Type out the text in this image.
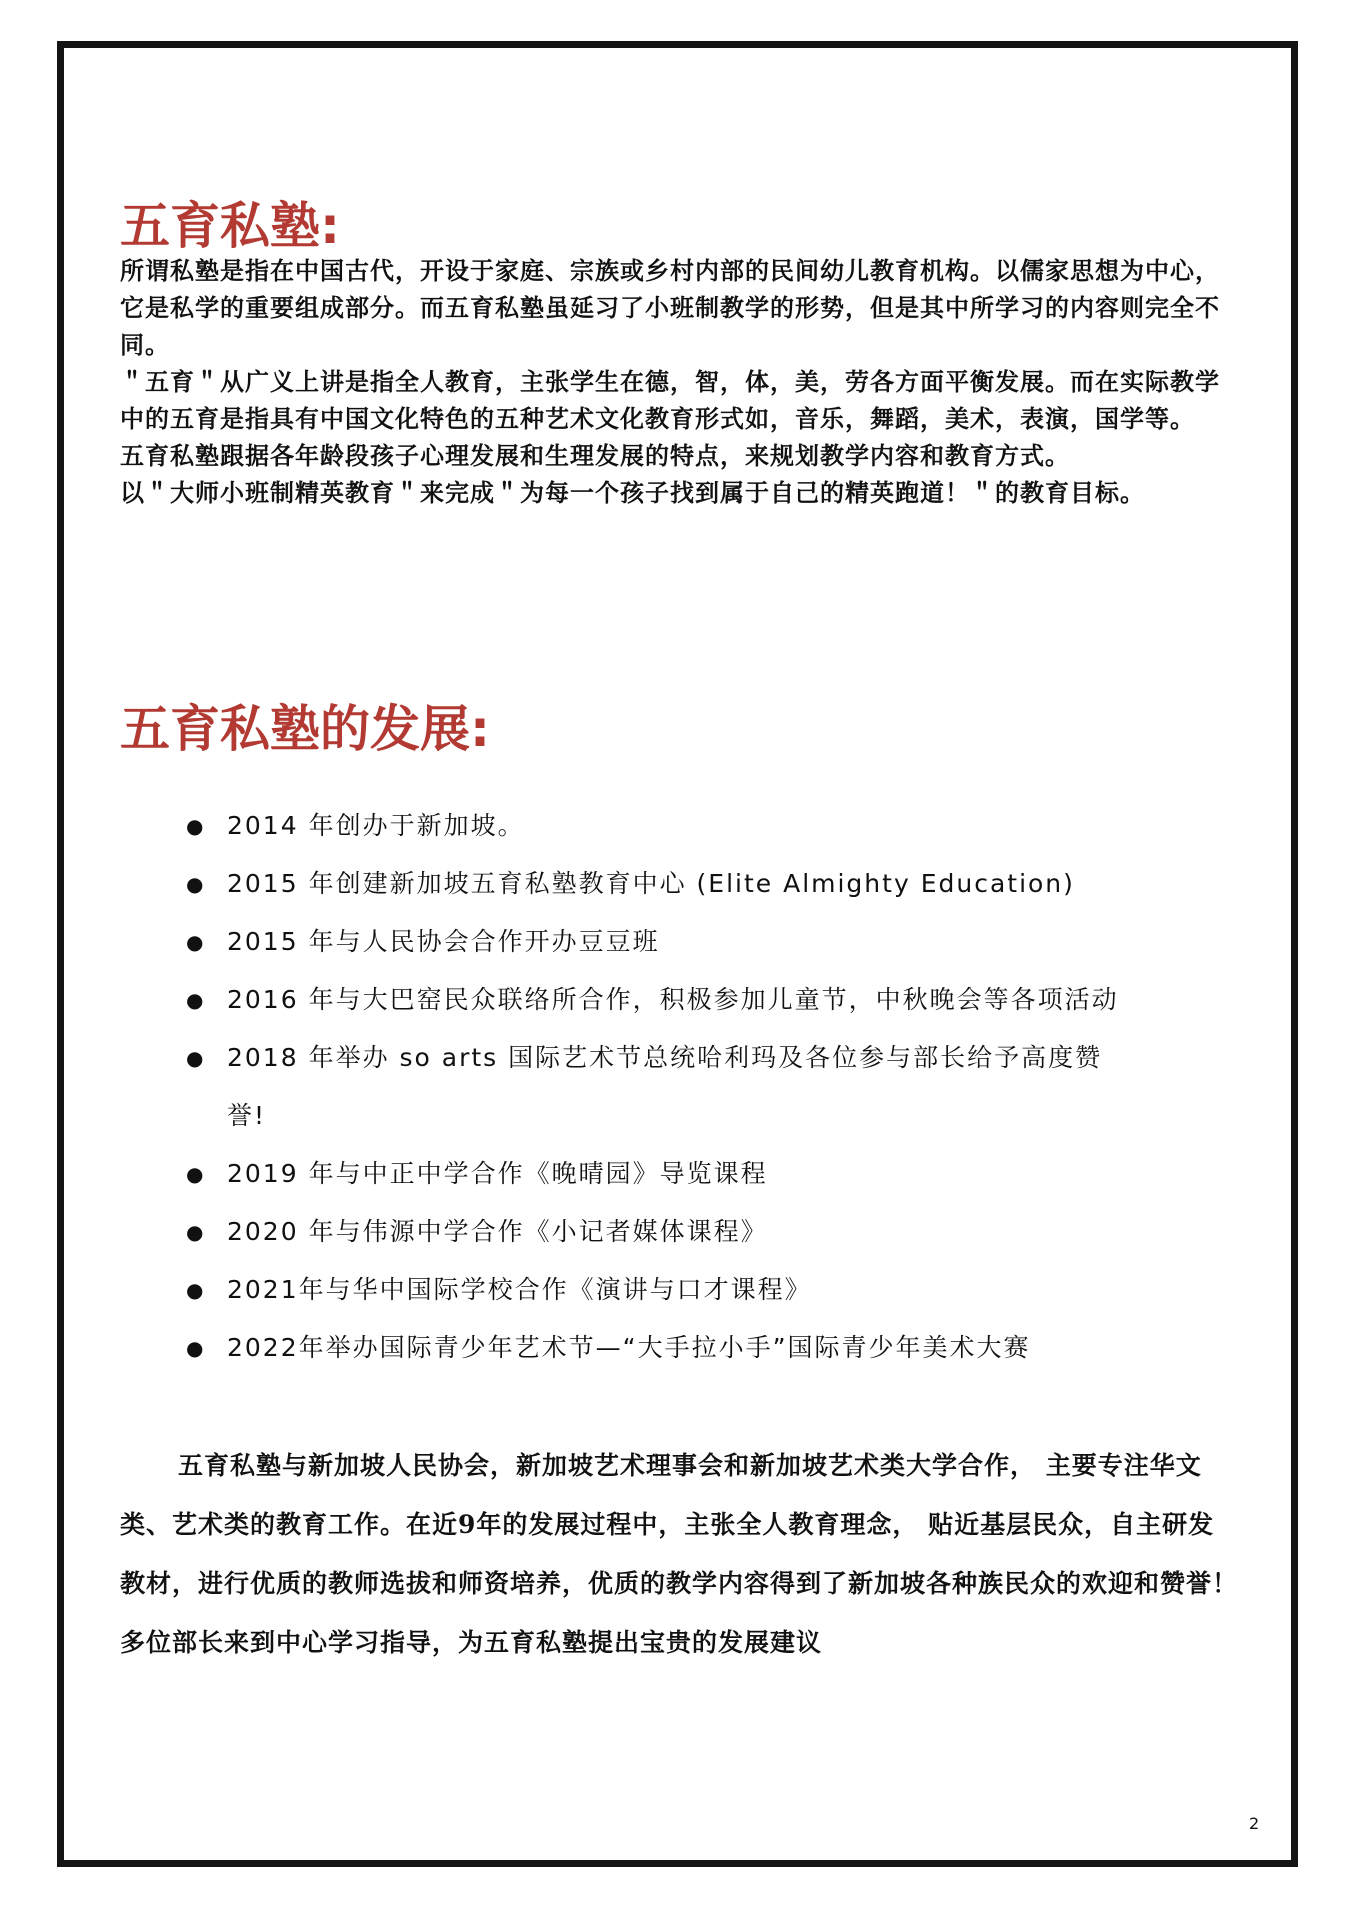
五育私塾:

所谓私塾是指在中国古代，开设于家庭、宗族或乡村内部的民间幼儿教育机构。以儒家思想为中心，它是私学的重要组成部分。而五育私塾虽延习了小班制教学的形势，但是其中所学习的内容则完全不同。

＂五育＂从广义上讲是指全人教育，主张学生在德，智，体，美，劳各方面平衡发展。而在实际教学中的五育是指具有中国文化特色的五种艺术文化教育形式如，音乐，舞蹈，美术，表演，国学等。

五育私塾跟据各年龄段孩子心理发展和生理发展的特点，来规划教学内容和教育方式。

以＂大师小班制精英教育＂来完成＂为每一个孩子找到属于自己的精英跑道！＂的教育目标。

五育私塾的发展:
● 2014 年创办于新加坡。
● 2015 年创建新加坡五育私塾教育中心 (Elite Almighty Education)
● 2015 年与人民协会合作开办豆豆班
● 2016 年与大巴窑民众联络所合作，积极参加儿童节，中秋晚会等各项活动
● 2018 年举办 so arts 国际艺术节总统哈利玛及各位参与部长给予高度赞
誉!
● 2019 年与中正中学合作《晚晴园》导览课程
● 2020 年与伟源中学合作《小记者媒体课程》
● 2021年与华中国际学校合作《演讲与口才课程》
● 2022年举办国际青少年艺术节—“大手拉小手”国际青少年美术大赛

五育私塾与新加坡人民协会，新加坡艺术理事会和新加坡艺术类大学合作， 主要专注华文类、艺术类的教育工作。在近9年的发展过程中，主张全人教育理念， 贴近基层民众，自主研发教材，进行优质的教师选拔和师资培养，优质的教学内容得到了新加坡各种族民众的欢迎和赞誉！多位部长来到中心学习指导，为五育私塾提出宝贵的发展建议

2
